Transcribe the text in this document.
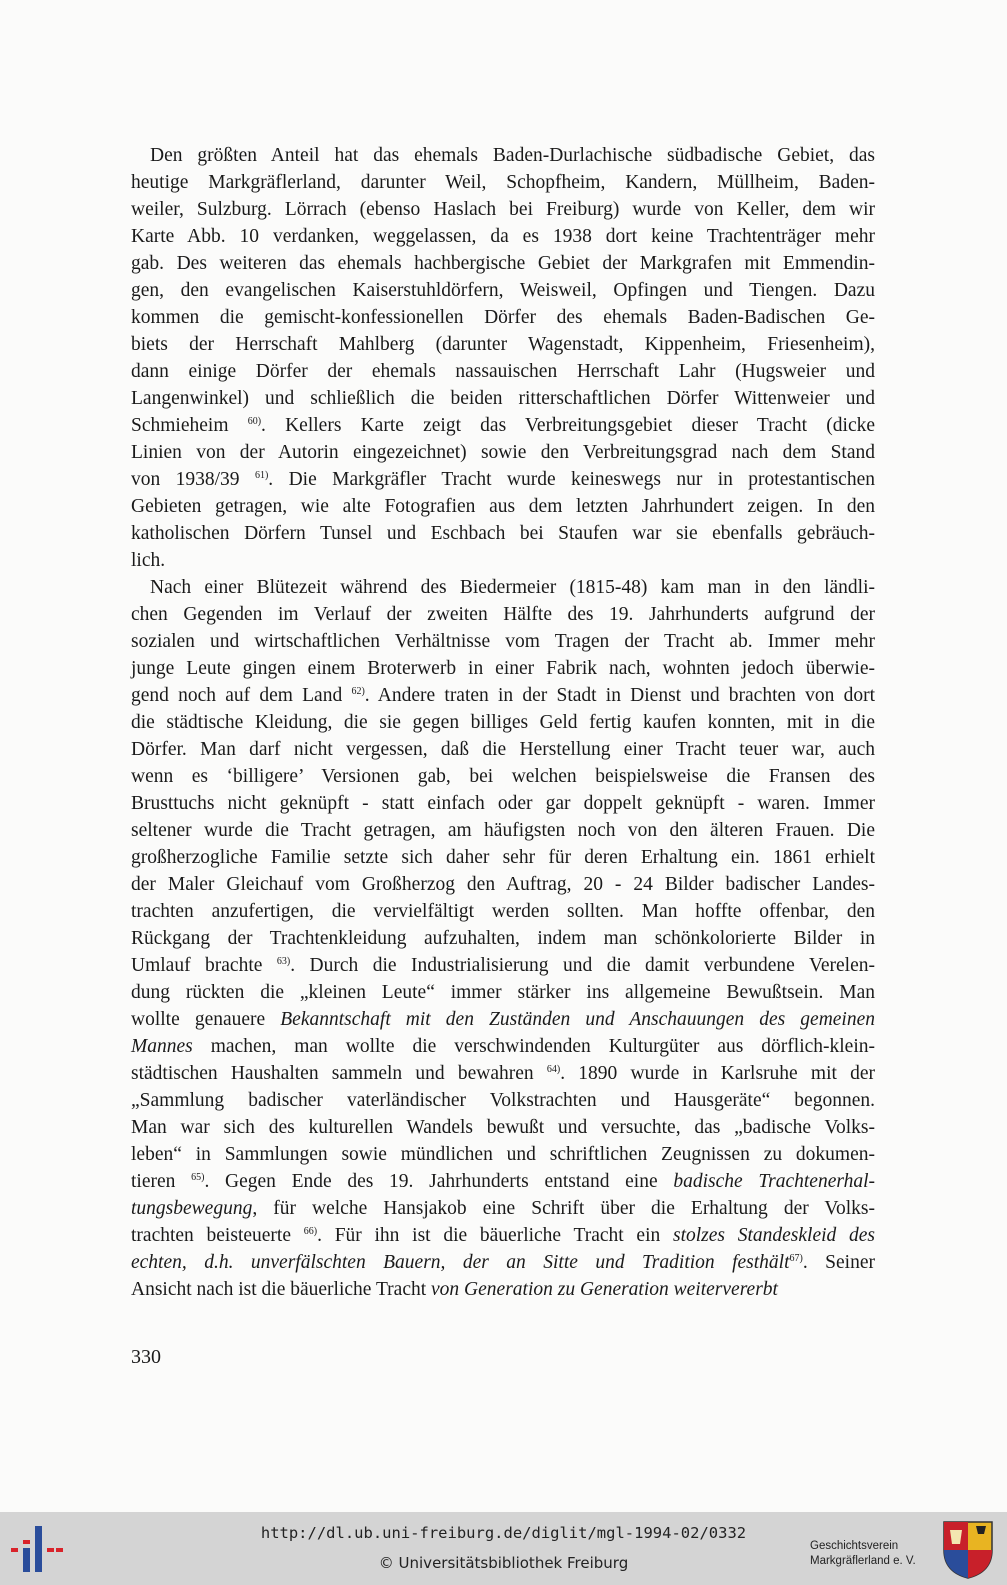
Den größten Anteil hat das ehemals Baden-Durlachische südbadische Gebiet, das
heutige Markgräflerland, darunter Weil, Schopfheim, Kandern, Müllheim, Baden-
weiler, Sulzburg. Lörrach (ebenso Haslach bei Freiburg) wurde von Keller, dem wir
Karte Abb. 10 verdanken, weggelassen, da es 1938 dort keine Trachtenträger mehr
gab. Des weiteren das ehemals hachbergische Gebiet der Markgrafen mit Emmendin-
gen, den evangelischen Kaiserstuhldörfern, Weisweil, Opfingen und Tiengen. Dazu
kommen die gemischt-konfessionellen Dörfer des ehemals Baden-Badischen Ge-
biets der Herrschaft Mahlberg (darunter Wagenstadt, Kippenheim, Friesenheim),
dann einige Dörfer der ehemals nassauischen Herrschaft Lahr (Hugsweier und
Langenwinkel) und schließlich die beiden ritterschaftlichen Dörfer Wittenweier und
Schmieheim $^{60)}$. Kellers Karte zeigt das Verbreitungsgebiet dieser Tracht (dicke
Linien von der Autorin eingezeichnet) sowie den Verbreitungsgrad nach dem Stand
von 1938/39 $^{61)}$. Die Markgräfler Tracht wurde keineswegs nur in protestantischen
Gebieten getragen, wie alte Fotografien aus dem letzten Jahrhundert zeigen. In den
katholischen Dörfern Tunsel und Eschbach bei Staufen war sie ebenfalls gebräuch-
lich.
Nach einer Blütezeit während des Biedermeier (1815-48) kam man in den ländli-
chen Gegenden im Verlauf der zweiten Hälfte des 19. Jahrhunderts aufgrund der
sozialen und wirtschaftlichen Verhältnisse vom Tragen der Tracht ab. Immer mehr
junge Leute gingen einem Broterwerb in einer Fabrik nach, wohnten jedoch überwie-
gend noch auf dem Land $^{62)}$. Andere traten in der Stadt in Dienst und brachten von dort
die städtische Kleidung, die sie gegen billiges Geld fertig kaufen konnten, mit in die
Dörfer. Man darf nicht vergessen, daß die Herstellung einer Tracht teuer war, auch
wenn es ‘billigere’ Versionen gab, bei welchen beispielsweise die Fransen des
Brusttuchs nicht geknüpft - statt einfach oder gar doppelt geknüpft - waren. Immer
seltener wurde die Tracht getragen, am häufigsten noch von den älteren Frauen. Die
großherzogliche Familie setzte sich daher sehr für deren Erhaltung ein. 1861 erhielt
der Maler Gleichauf vom Großherzog den Auftrag, 20 - 24 Bilder badischer Landes-
trachten anzufertigen, die vervielfältigt werden sollten. Man hoffte offenbar, den
Rückgang der Trachtenkleidung aufzuhalten, indem man schönkolorierte Bilder in
Umlauf brachte $^{63)}$. Durch die Industrialisierung und die damit verbundene Verelen-
dung rückten die „kleinen Leute“ immer stärker ins allgemeine Bewußtsein. Man
wollte genauere Bekanntschaft mit den Zuständen und Anschauungen des gemeinen
Mannes machen, man wollte die verschwindenden Kulturgüter aus dörflich-klein-
städtischen Haushalten sammeln und bewahren $^{64)}$. 1890 wurde in Karlsruhe mit der
„Sammlung badischer vaterländischer Volkstrachten und Hausgeräte“ begonnen.
Man war sich des kulturellen Wandels bewußt und versuchte, das „badische Volks-
leben“ in Sammlungen sowie mündlichen und schriftlichen Zeugnissen zu dokumen-
tieren $^{65)}$. Gegen Ende des 19. Jahrhunderts entstand eine badische Trachtenerhal-
tungsbewegung, für welche Hansjakob eine Schrift über die Erhaltung der Volks-
trachten beisteuerte $^{66)}$. Für ihn ist die bäuerliche Tracht ein stolzes Standeskleid des
echten, d.h. unverfälschten Bauern, der an Sitte und Tradition festhält$^{67)}$. Seiner
Ansicht nach ist die bäuerliche Tracht von Generation zu Generation weitervererbt
330
http://dl.ub.uni-freiburg.de/diglit/mgl-1994-02/0332
© Universitätsbibliothek Freiburg
Geschichtsverein
Markgräflerland e. V.
